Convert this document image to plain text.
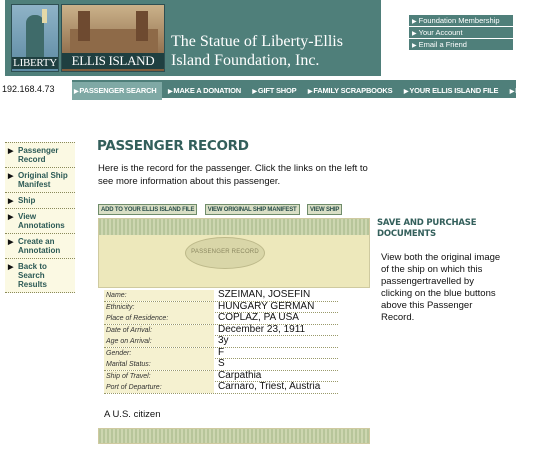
LIBERTY	ELLIS ISLAND
The Statue of Liberty-Ellis Island Foundation, Inc.
▶ Foundation Membership
▶ Your Account
▶ Email a Friend
192.168.4.73	▶PASSENGER SEARCH ▶MAKE A DONATION ▶GIFT SHOP ▶FAMILY SCRAPBOOKS ▶YOUR ELLIS ISLAND FILE ▶IMM
▶ Passenger Record
▶ Original Ship Manifest
▶ Ship
▶ View Annotations
▶ Create an Annotation
▶ Back to Search Results
PASSENGER RECORD
Here is the record for the passenger. Click the links on the left to see more information about this passenger.
ADD TO YOUR ELLIS ISLAND FILE VIEW ORIGINAL SHIP MANIFEST VIEW SHIP
PASSENGER RECORD
Name:	SZEIMAN, JOSEFIN
Ethnicity:	HUNGARY GERMAN
Place of Residence:	COPLAZ, PA USA
Date of Arrival:	December 23, 1911
Age on Arrival:	3y
Gender:	F
Marital Status:	S
Ship of Travel:	Carpathia
Port of Departure:	Carnaro, Triest, Austria
A U.S. citizen
SAVE AND PURCHASE DOCUMENTS
View both the original image of the ship on which this passengertravelled by clicking on the blue buttons above this Passenger Record.
